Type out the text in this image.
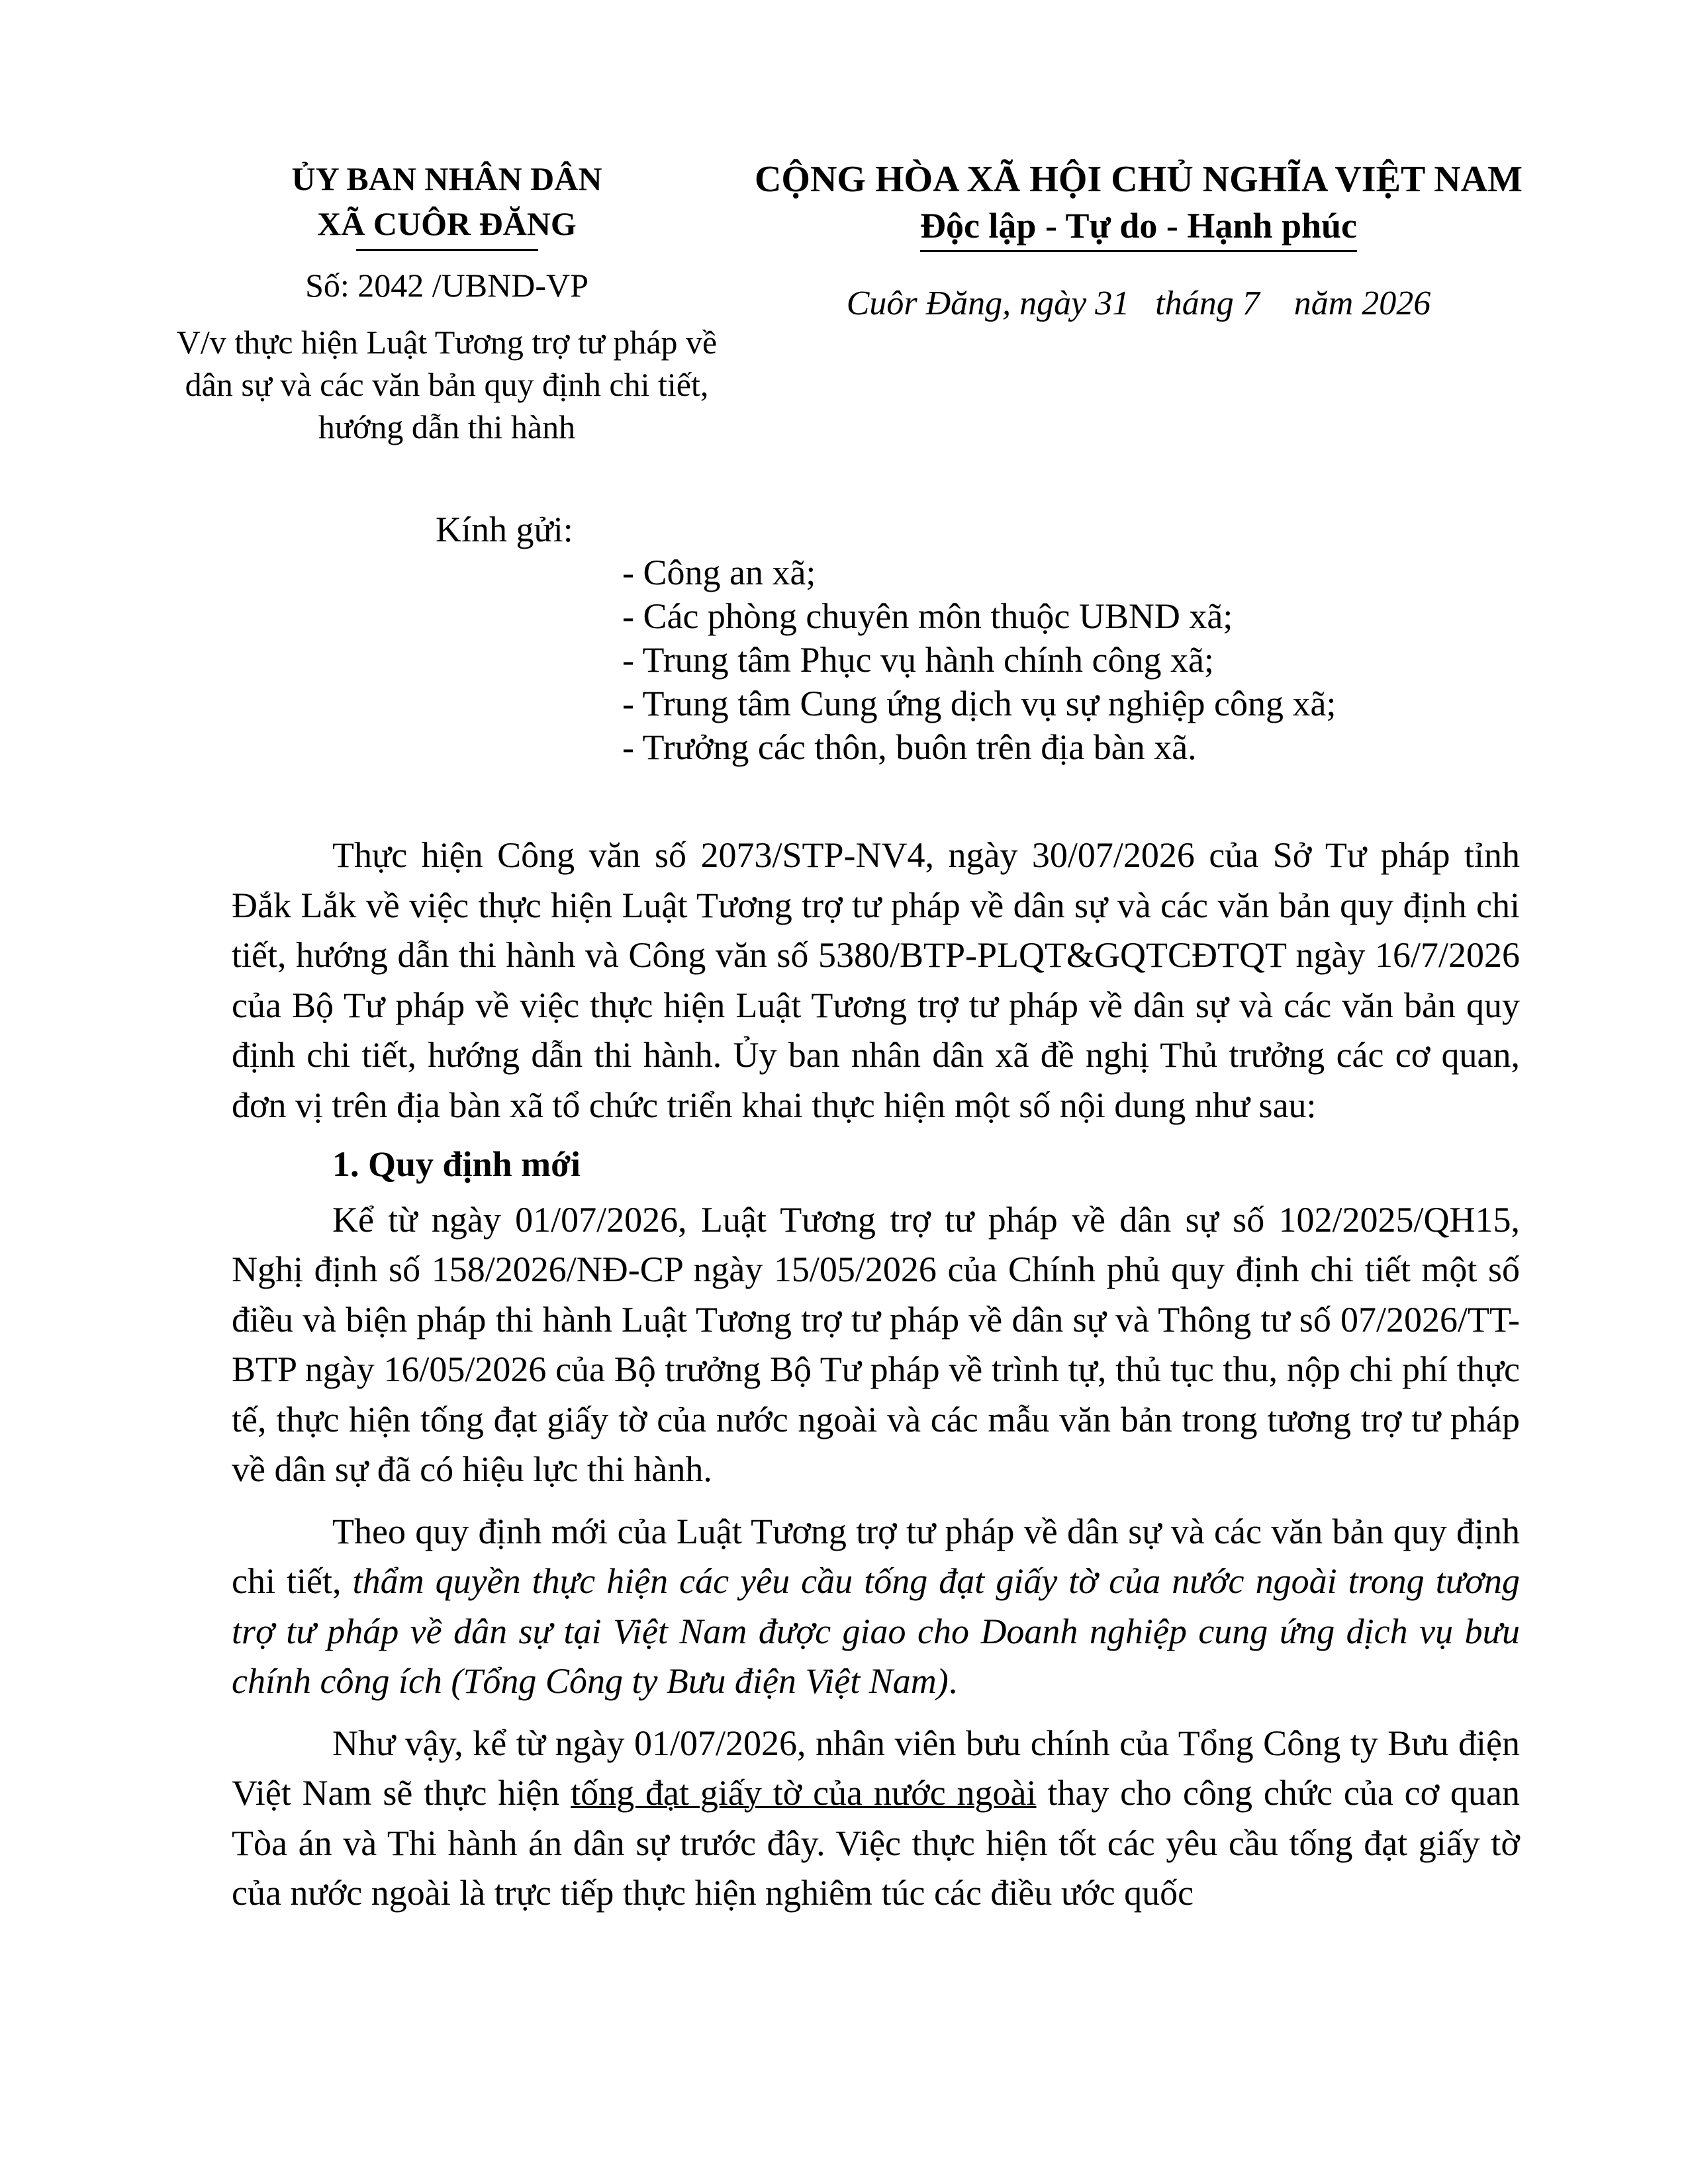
ỦY BAN NHÂN DÂN
XÃ CUÔR ĐĂNG
Số: 2042 /UBND-VP
V/v thực hiện Luật Tương trợ tư pháp về dân sự và các văn bản quy định chi tiết, hướng dẫn thi hành
CỘNG HÒA XÃ HỘI CHỦ NGHĨA VIỆT NAM
Độc lập - Tự do - Hạnh phúc
Cuôr Đăng, ngày 31 tháng 7 năm 2026
Kính gửi:
- Công an xã;
- Các phòng chuyên môn thuộc UBND xã;
- Trung tâm Phục vụ hành chính công xã;
- Trung tâm Cung ứng dịch vụ sự nghiệp công xã;
- Trưởng các thôn, buôn trên địa bàn xã.

Thực hiện Công văn số 2073/STP-NV4, ngày 30/07/2026 của Sở Tư pháp tỉnh Đắk Lắk về việc thực hiện Luật Tương trợ tư pháp về dân sự và các văn bản quy định chi tiết, hướng dẫn thi hành và Công văn số 5380/BTP-PLQT&GQTCĐTQT ngày 16/7/2026 của Bộ Tư pháp về việc thực hiện Luật Tương trợ tư pháp về dân sự và các văn bản quy định chi tiết, hướng dẫn thi hành. Ủy ban nhân dân xã đề nghị Thủ trưởng các cơ quan, đơn vị trên địa bàn xã tổ chức triển khai thực hiện một số nội dung như sau:

1. Quy định mới

Kể từ ngày 01/07/2026, Luật Tương trợ tư pháp về dân sự số 102/2025/QH15, Nghị định số 158/2026/NĐ-CP ngày 15/05/2026 của Chính phủ quy định chi tiết một số điều và biện pháp thi hành Luật Tương trợ tư pháp về dân sự và Thông tư số 07/2026/TT-BTP ngày 16/05/2026 của Bộ trưởng Bộ Tư pháp về trình tự, thủ tục thu, nộp chi phí thực tế, thực hiện tống đạt giấy tờ của nước ngoài và các mẫu văn bản trong tương trợ tư pháp về dân sự đã có hiệu lực thi hành.

Theo quy định mới của Luật Tương trợ tư pháp về dân sự và các văn bản quy định chi tiết, thẩm quyền thực hiện các yêu cầu tống đạt giấy tờ của nước ngoài trong tương trợ tư pháp về dân sự tại Việt Nam được giao cho Doanh nghiệp cung ứng dịch vụ bưu chính công ích (Tổng Công ty Bưu điện Việt Nam).

Như vậy, kể từ ngày 01/07/2026, nhân viên bưu chính của Tổng Công ty Bưu điện Việt Nam sẽ thực hiện tống đạt giấy tờ của nước ngoài thay cho công chức của cơ quan Tòa án và Thi hành án dân sự trước đây. Việc thực hiện tốt các yêu cầu tống đạt giấy tờ của nước ngoài là trực tiếp thực hiện nghiêm túc các điều ước quốc
